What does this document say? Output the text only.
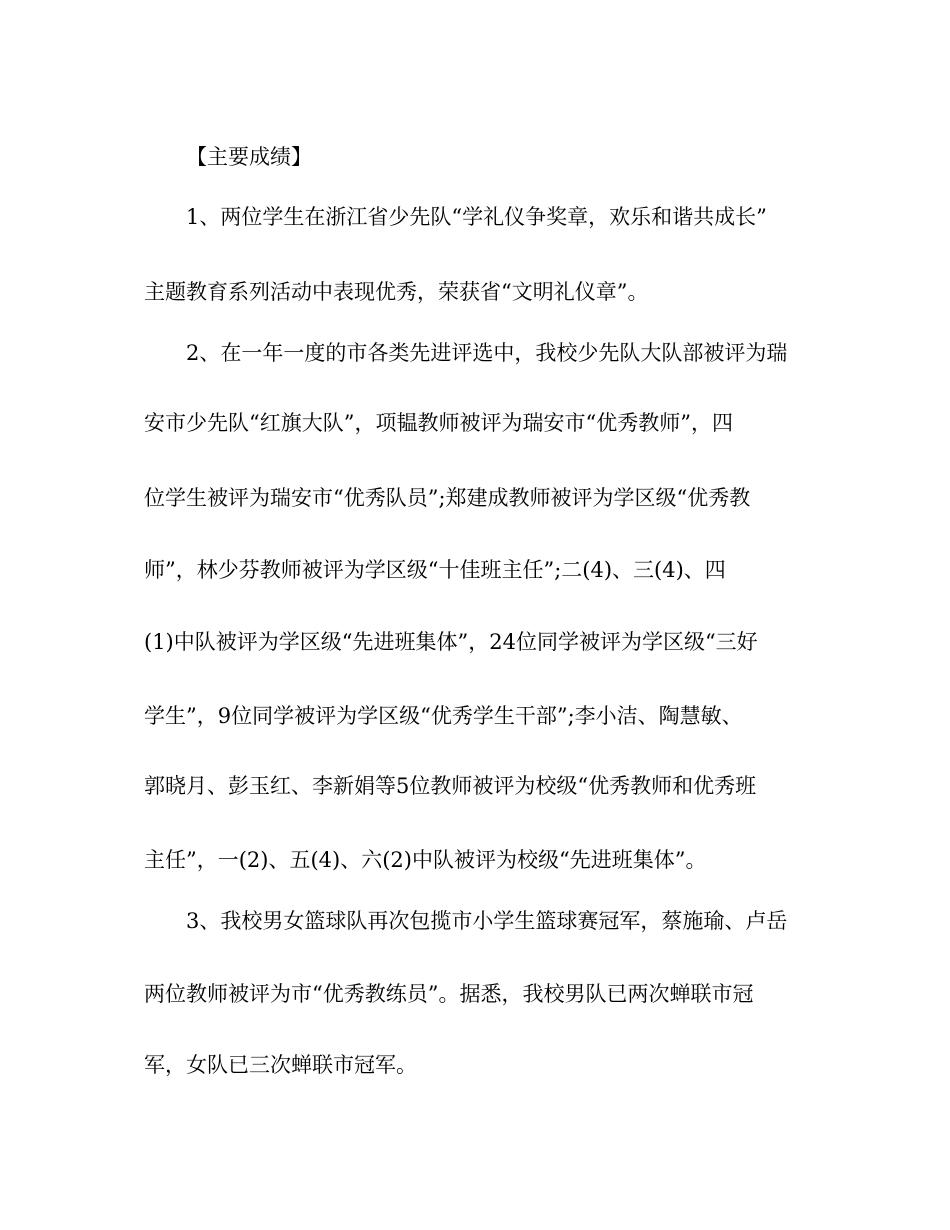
【主要成绩】
1、两位学生在浙江省少先队“学礼仪争奖章，欢乐和谐共成长”
主题教育系列活动中表现优秀，荣获省“文明礼仪章”。
2、在一年一度的市各类先进评选中，我校少先队大队部被评为瑞
安市少先队“红旗大队”，项韫教师被评为瑞安市“优秀教师”，四
位学生被评为瑞安市“优秀队员”;郑建成教师被评为学区级“优秀教
师”，林少芬教师被评为学区级“十佳班主任”;二(4)、三(4)、四
(1)中队被评为学区级“先进班集体”，24位同学被评为学区级“三好
学生”，9位同学被评为学区级“优秀学生干部”;李小洁、陶慧敏、
郭晓月、彭玉红、李新娟等5位教师被评为校级“优秀教师和优秀班
主任”，一(2)、五(4)、六(2)中队被评为校级“先进班集体”。
3、我校男女篮球队再次包揽市小学生篮球赛冠军，蔡施瑜、卢岳
两位教师被评为市“优秀教练员”。据悉，我校男队已两次蝉联市冠
军，女队已三次蝉联市冠军。
